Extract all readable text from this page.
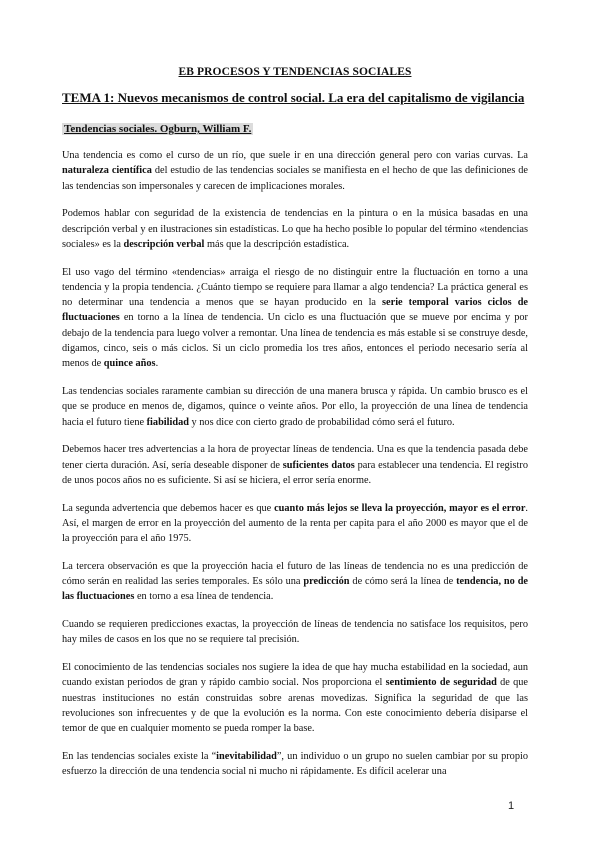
EB PROCESOS Y TENDENCIAS SOCIALES
TEMA 1: Nuevos mecanismos de control social. La era del capitalismo de vigilancia
Tendencias sociales. Ogburn, William F.

Una tendencia es como el curso de un río, que suele ir en una dirección general pero con varias curvas. La naturaleza científica del estudio de las tendencias sociales se manifiesta en el hecho de que las definiciones de las tendencias son impersonales y carecen de implicaciones morales.

Podemos hablar con seguridad de la existencia de tendencias en la pintura o en la música basadas en una descripción verbal y en ilustraciones sin estadísticas. Lo que ha hecho posible lo popular del término «tendencias sociales» es la descripción verbal más que la descripción estadística.

El uso vago del término «tendencias» arraiga el riesgo de no distinguir entre la fluctuación en torno a una tendencia y la propia tendencia. ¿Cuánto tiempo se requiere para llamar a algo tendencia? La práctica general es no determinar una tendencia a menos que se hayan producido en la serie temporal varios ciclos de fluctuaciones en torno a la línea de tendencia. Un ciclo es una fluctuación que se mueve por encima y por debajo de la tendencia para luego volver a remontar. Una línea de tendencia es más estable si se construye desde, digamos, cinco, seis o más ciclos. Si un ciclo promedia los tres años, entonces el periodo necesario sería al menos de quince años.

Las tendencias sociales raramente cambian su dirección de una manera brusca y rápida. Un cambio brusco es el que se produce en menos de, digamos, quince o veinte años. Por ello, la proyección de una línea de tendencia hacia el futuro tiene fiabilidad y nos dice con cierto grado de probabilidad cómo será el futuro.

Debemos hacer tres advertencias a la hora de proyectar líneas de tendencia. Una es que la tendencia pasada debe tener cierta duración. Así, sería deseable disponer de suficientes datos para establecer una tendencia. El registro de unos pocos años no es suficiente. Si así se hiciera, el error sería enorme.

La segunda advertencia que debemos hacer es que cuanto más lejos se lleva la proyección, mayor es el error. Así, el margen de error en la proyección del aumento de la renta per capita para el año 2000 es mayor que el de la proyección para el año 1975.

La tercera observación es que la proyección hacia el futuro de las líneas de tendencia no es una predicción de cómo serán en realidad las series temporales. Es sólo una predicción de cómo será la línea de tendencia, no de las fluctuaciones en torno a esa línea de tendencia.

Cuando se requieren predicciones exactas, la proyección de líneas de tendencia no satisface los requisitos, pero hay miles de casos en los que no se requiere tal precisión.

El conocimiento de las tendencias sociales nos sugiere la idea de que hay mucha estabilidad en la sociedad, aun cuando existan periodos de gran y rápido cambio social. Nos proporciona el sentimiento de seguridad de que nuestras instituciones no están construidas sobre arenas movedizas. Significa la seguridad de que las revoluciones son infrecuentes y de que la evolución es la norma. Con este conocimiento debería disiparse el temor de que en cualquier momento se pueda romper la base.

En las tendencias sociales existe la “inevitabilidad”, un individuo o un grupo no suelen cambiar por su propio esfuerzo la dirección de una tendencia social ni mucho ni rápidamente. Es difícil acelerar una

1
